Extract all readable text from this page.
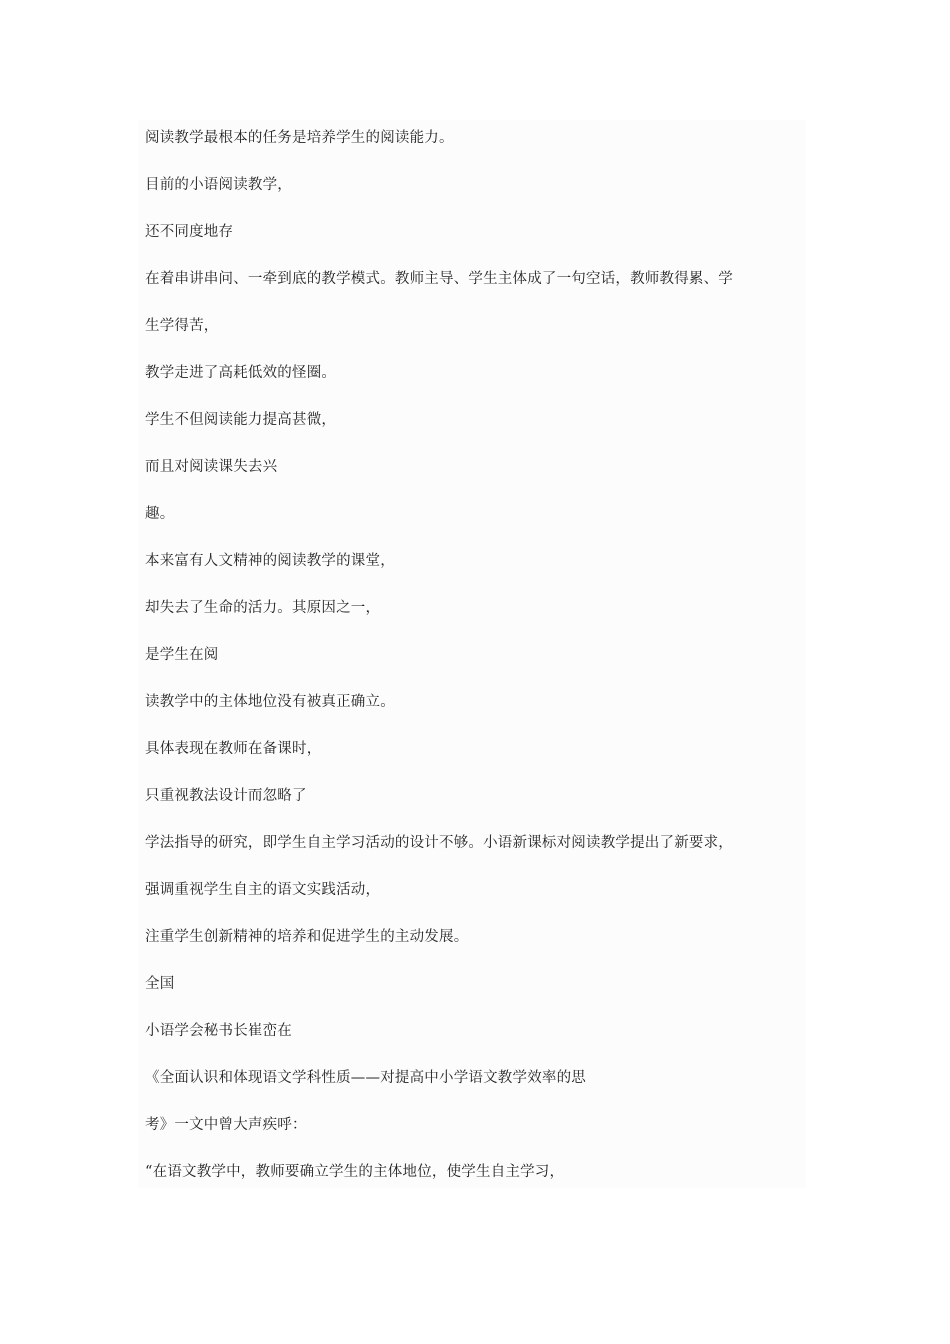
阅读教学最根本的任务是培养学生的阅读能力。

目前的小语阅读教学，

还不同度地存

在着串讲串问、一牵到底的教学模式。教师主导、学生主体成了一句空话，教师教得累、学

生学得苦，

教学走进了高耗低效的怪圈。

学生不但阅读能力提高甚微，

而且对阅读课失去兴

趣。

本来富有人文精神的阅读教学的课堂，

却失去了生命的活力。其原因之一，

是学生在阅

读教学中的主体地位没有被真正确立。

具体表现在教师在备课时，

只重视教法设计而忽略了

学法指导的研究，即学生自主学习活动的设计不够。小语新课标对阅读教学提出了新要求，

强调重视学生自主的语文实践活动，

注重学生创新精神的培养和促进学生的主动发展。

全国

小语学会秘书长崔峦在

《全面认识和体现语文学科性质——对提高中小学语文教学效率的思

考》一文中曾大声疾呼：

“在语文教学中，教师要确立学生的主体地位，使学生自主学习，
